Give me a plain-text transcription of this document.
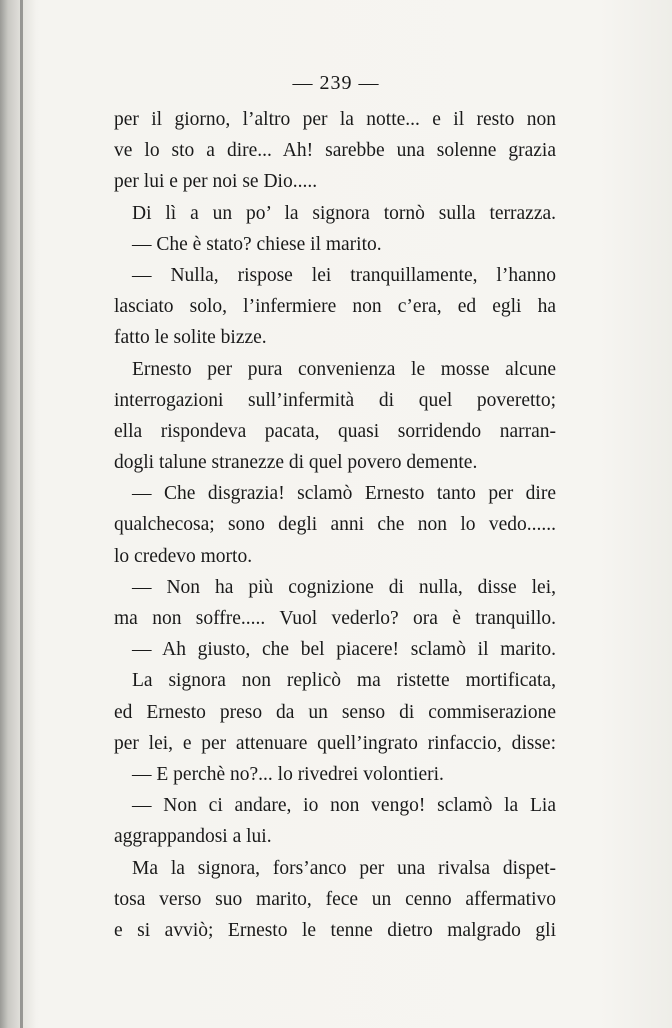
— 239 —
per il giorno, l’altro per la notte... e il resto non
ve lo sto a dire... Ah! sarebbe una solenne grazia
per lui e per noi se Dio.....
Di lì a un po’ la signora tornò sulla terrazza.
— Che è stato? chiese il marito.
— Nulla, rispose lei tranquillamente, l’hanno
lasciato solo, l’infermiere non c’era, ed egli ha
fatto le solite bizze.
Ernesto per pura convenienza le mosse alcune
interrogazioni sull’infermità di quel poveretto;
ella rispondeva pacata, quasi sorridendo narran-
dogli talune stranezze di quel povero demente.
— Che disgrazia! sclamò Ernesto tanto per dire
qualchecosa; sono degli anni che non lo vedo......
lo credevo morto.
— Non ha più cognizione di nulla, disse lei,
ma non soffre..... Vuol vederlo? ora è tranquillo.
— Ah giusto, che bel piacere! sclamò il marito.
La signora non replicò ma ristette mortificata,
ed Ernesto preso da un senso di commiserazione
per lei, e per attenuare quell’ingrato rinfaccio, disse:
— E perchè no?... lo rivedrei volontieri.
— Non ci andare, io non vengo! sclamò la Lia
aggrappandosi a lui.
Ma la signora, fors’anco per una rivalsa dispet-
tosa verso suo marito, fece un cenno affermativo
e si avviò; Ernesto le tenne dietro malgrado gli
